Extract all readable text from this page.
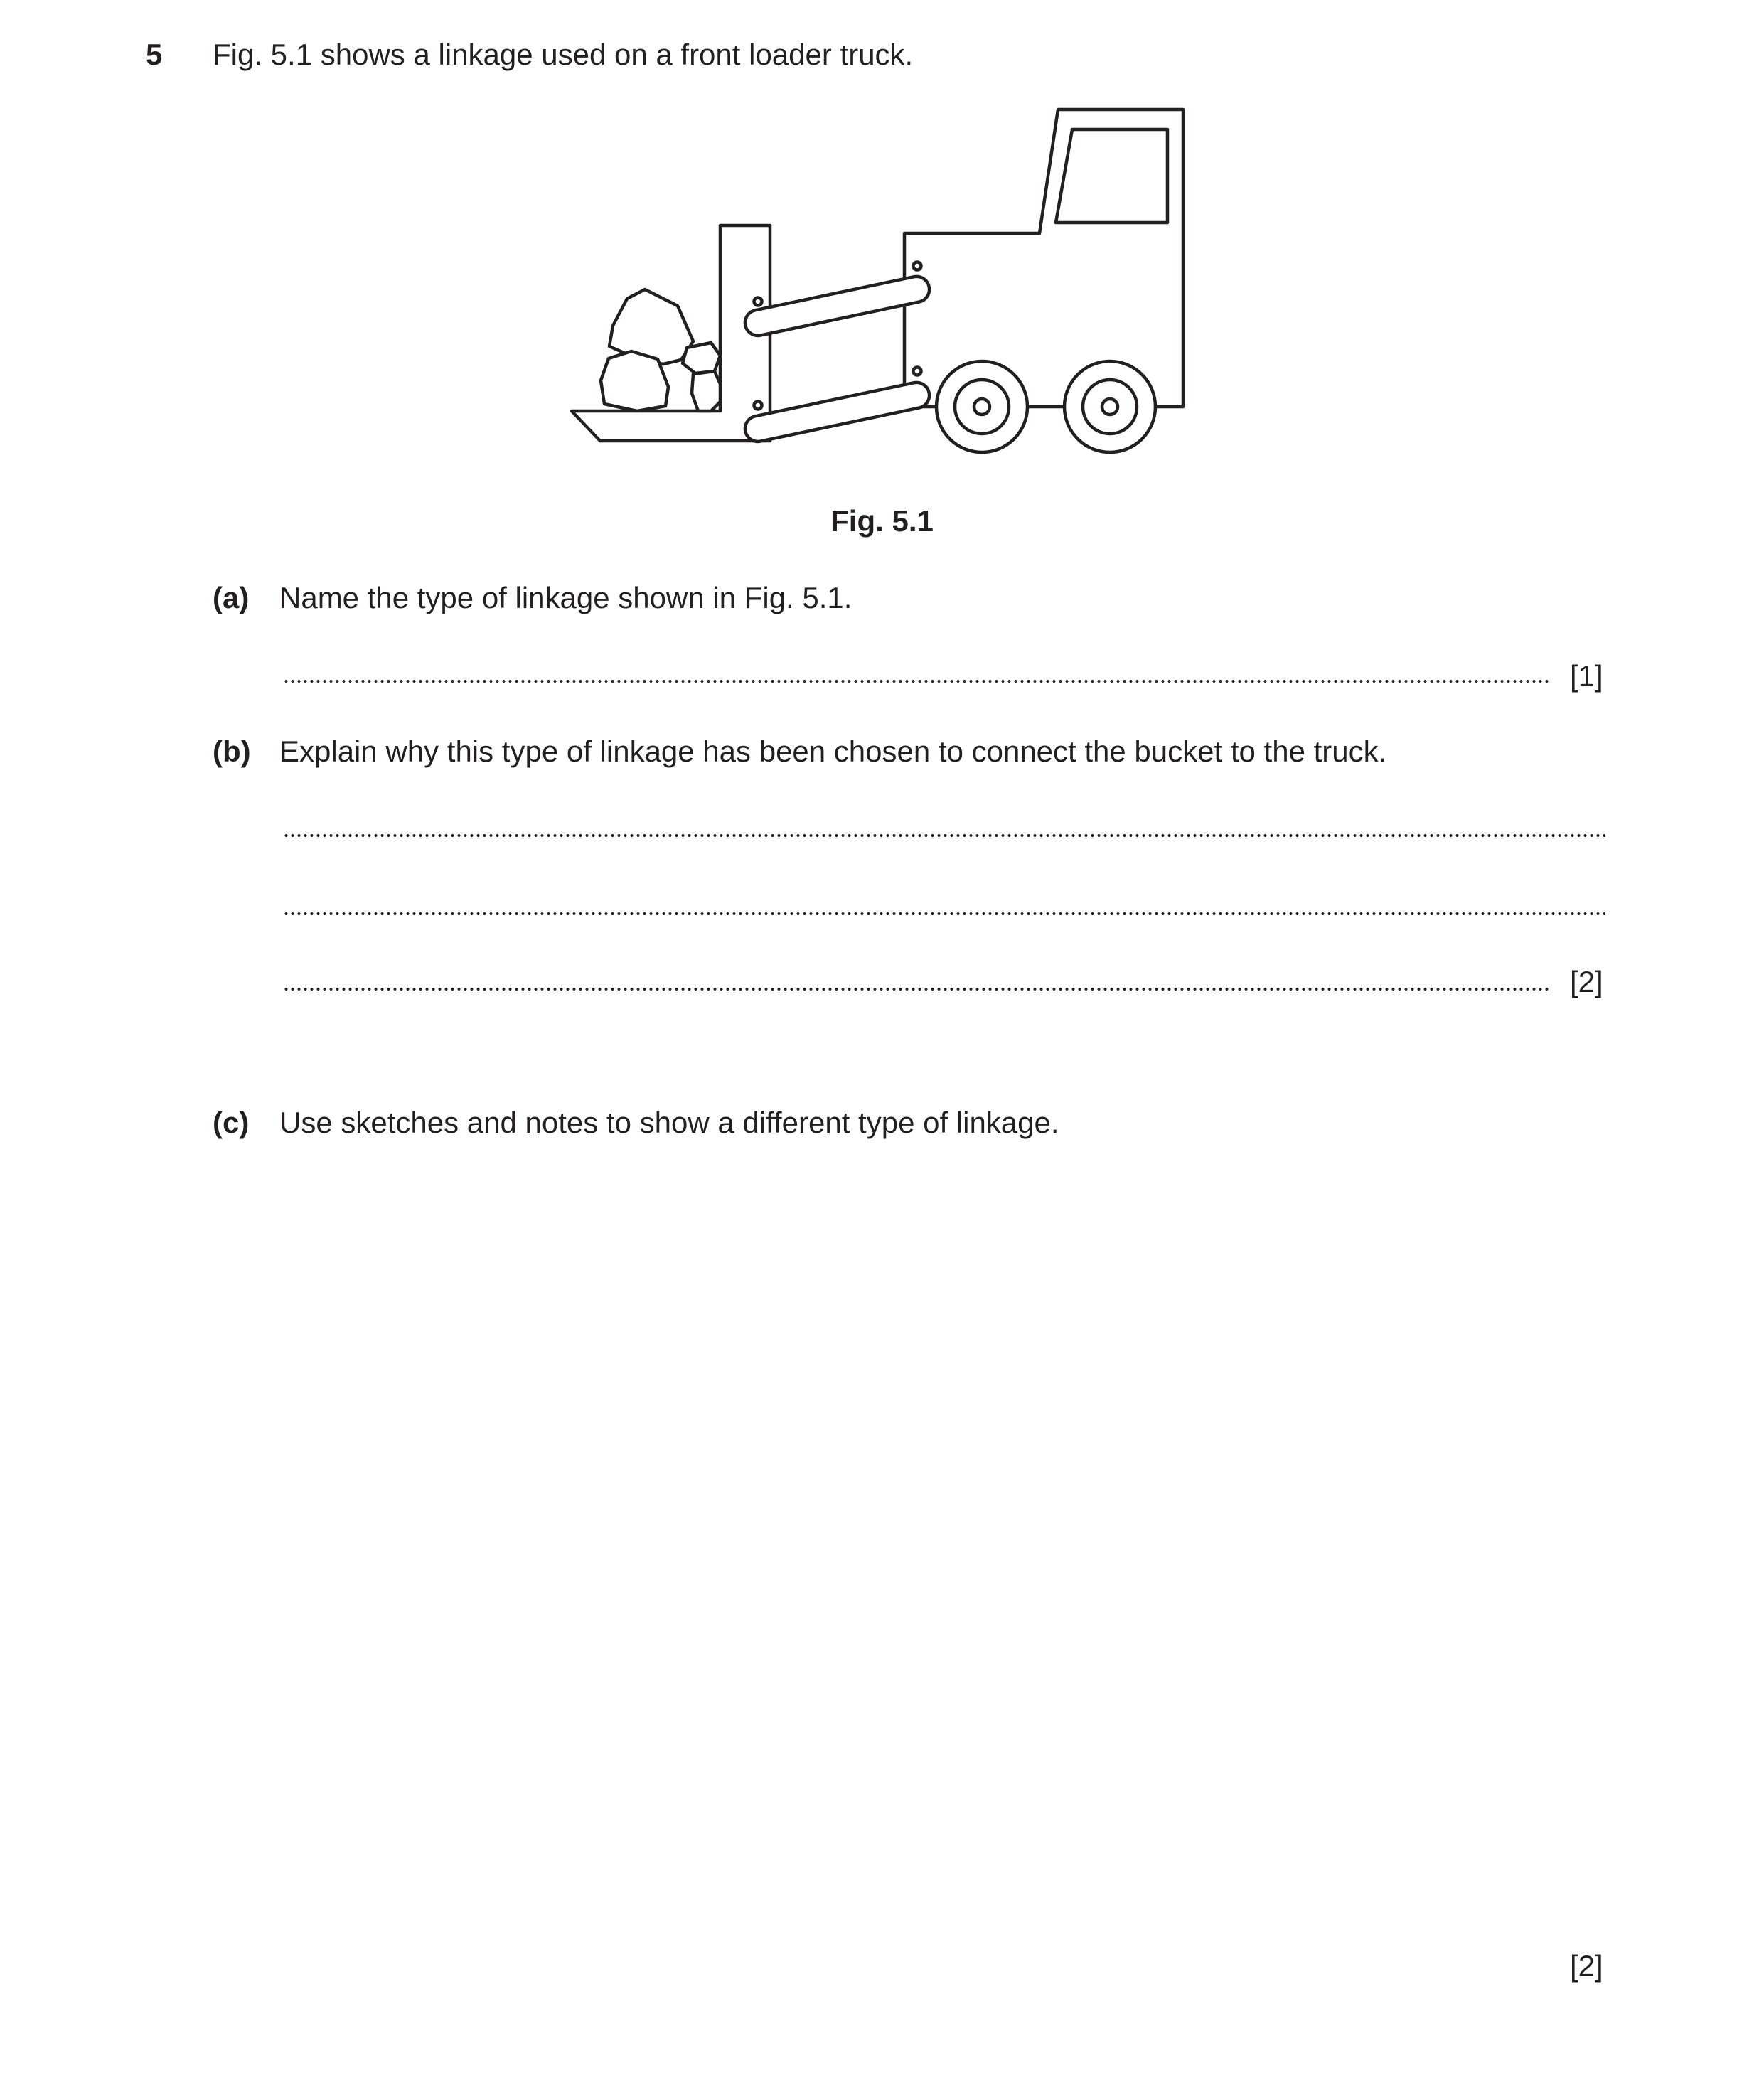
5 Fig. 5.1 shows a linkage used on a front loader truck.
Fig. 5.1
(a) Name the type of linkage shown in Fig. 5.1.
[1]
(b) Explain why this type of linkage has been chosen to connect the bucket to the truck.
[2]
(c) Use sketches and notes to show a different type of linkage.
[2]
